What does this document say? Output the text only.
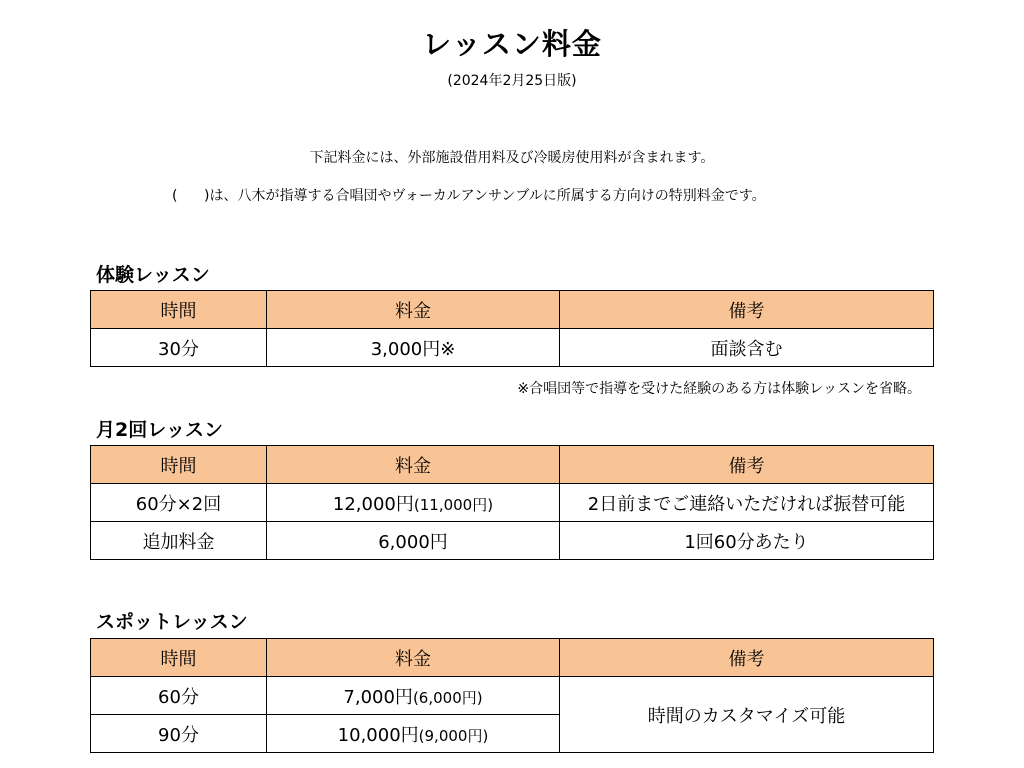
レッスン料金
(2024年2月25日版)
下記料金には、外部施設借用料及び冷暖房使用料が含まれます。
( )は、八木が指導する合唱団やヴォーカルアンサンブルに所属する方向けの特別料金です。
体験レッスン
時間	料金	備考
30分	3,000円※	面談含む
※合唱団等で指導を受けた経験のある方は体験レッスンを省略。
月2回レッスン
時間	料金	備考
60分×2回	12,000円(11,000円)	2日前までご連絡いただければ振替可能
追加料金	6,000円	1回60分あたり
スポットレッスン
時間	料金	備考
60分	7,000円(6,000円)	時間のカスタマイズ可能
90分	10,000円(9,000円)	
